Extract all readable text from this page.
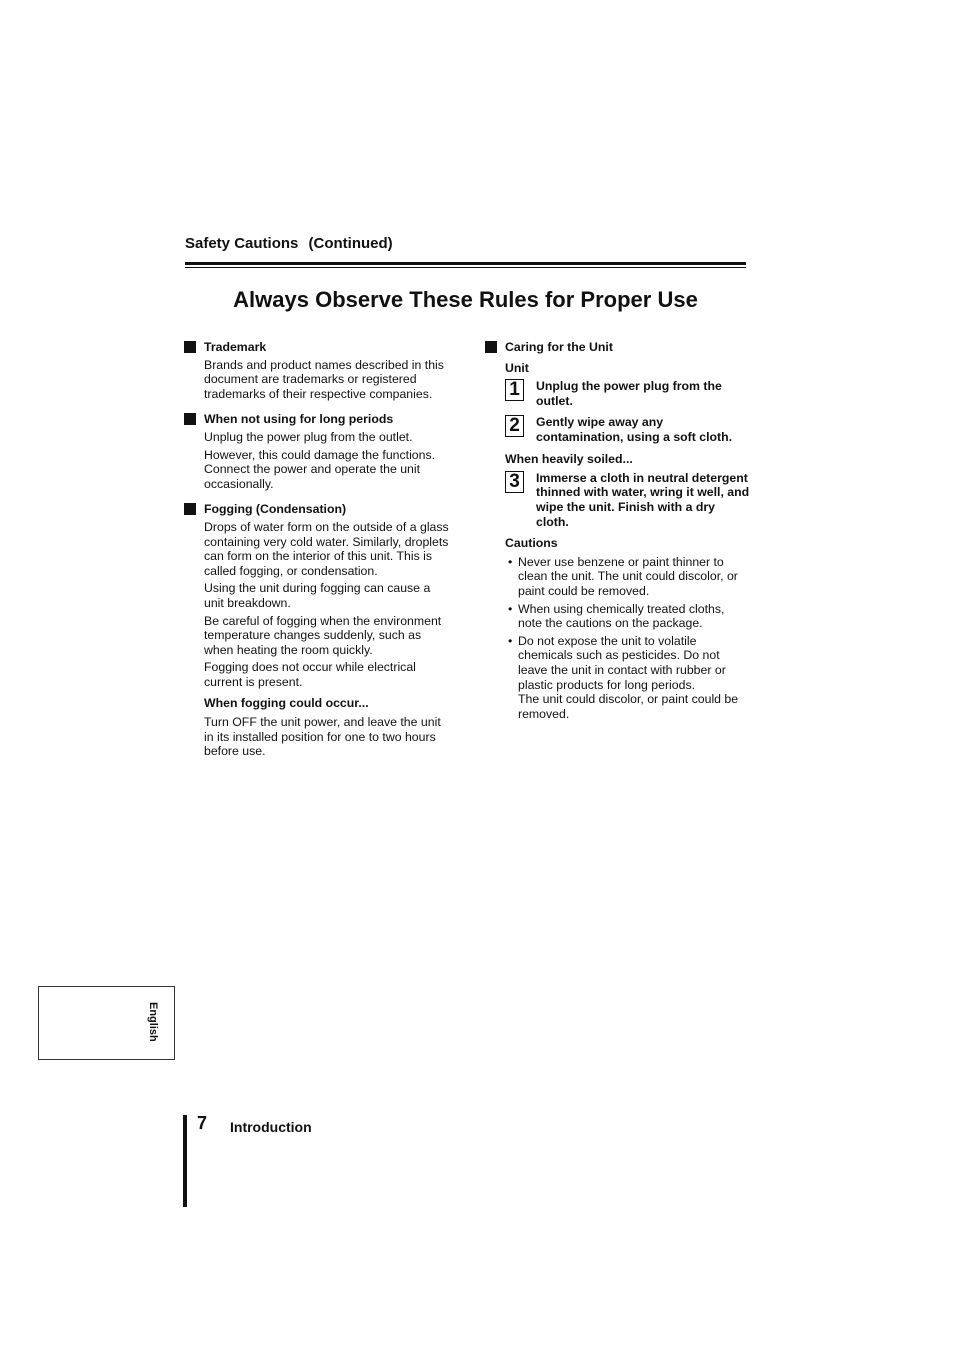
Safety Cautions (Continued)
Always Observe These Rules for Proper Use
Trademark
Brands and product names described in this document are trademarks or registered trademarks of their respective companies.
When not using for long periods
Unplug the power plug from the outlet.
However, this could damage the functions. Connect the power and operate the unit occasionally.
Fogging (Condensation)
Drops of water form on the outside of a glass containing very cold water. Similarly, droplets can form on the interior of this unit. This is called fogging, or condensation.
Using the unit during fogging can cause a unit breakdown.
Be careful of fogging when the environment temperature changes suddenly, such as when heating the room quickly.
Fogging does not occur while electrical current is present.
When fogging could occur...
Turn OFF the unit power, and leave the unit in its installed position for one to two hours before use.
Caring for the Unit
Unit
1	Unplug the power plug from the outlet.
2	Gently wipe away any contamination, using a soft cloth.
When heavily soiled...
3	Immerse a cloth in neutral detergent thinned with water, wring it well, and wipe the unit. Finish with a dry cloth.
Cautions
• Never use benzene or paint thinner to clean the unit. The unit could discolor, or paint could be removed.
• When using chemically treated cloths, note the cautions on the package.
• Do not expose the unit to volatile chemicals such as pesticides. Do not leave the unit in contact with rubber or plastic products for long periods.
The unit could discolor, or paint could be removed.
English
7 Introduction
